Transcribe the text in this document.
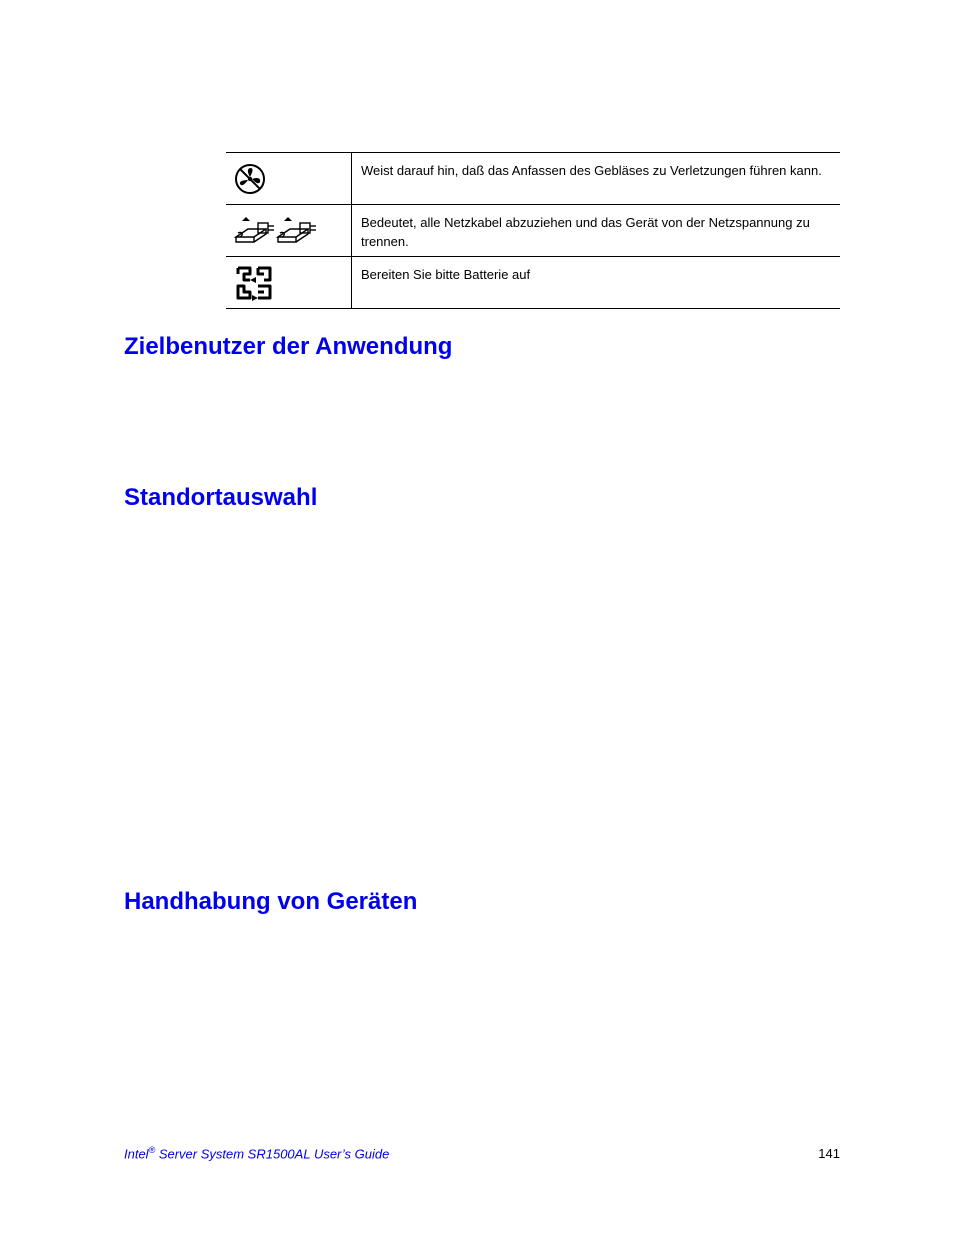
Weist darauf hin, daß das Anfassen des Gebläses zu Verletzungen führen kann.
Bedeutet, alle Netzkabel abzuziehen und das Gerät von der Netzspannung zu trennen.
Bereiten Sie bitte Batterie auf
Zielbenutzer der Anwendung
Standortauswahl
Handhabung von Geräten
Intel® Server System SR1500AL User’s Guide	141
